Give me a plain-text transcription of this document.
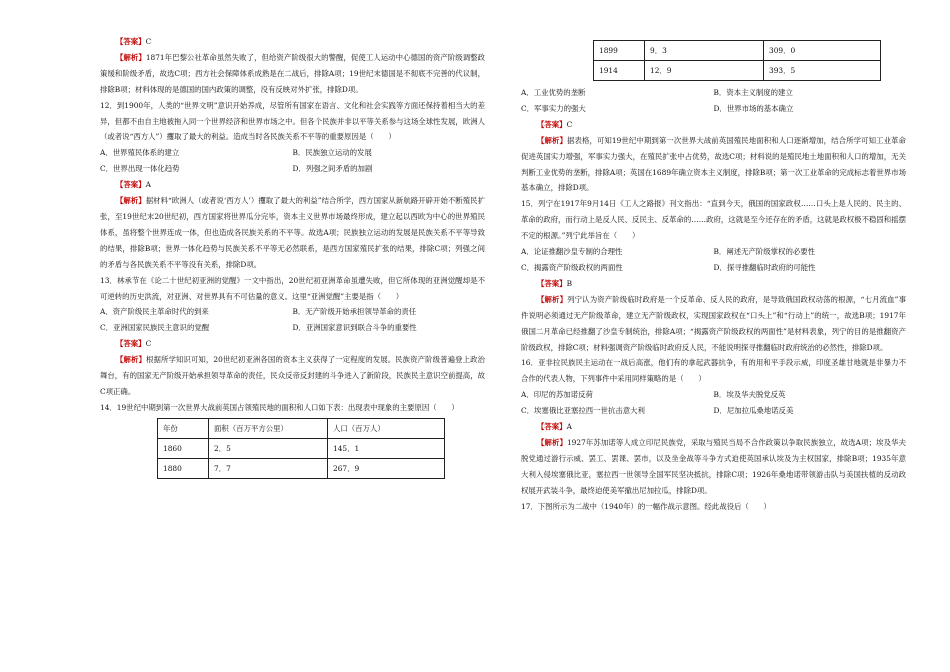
【答案】C

【解析】1871年巴黎公社革命虽然失败了，但给资产阶级很大的警醒，促使工人运动中心德国的资产阶级调整政策缓和阶级矛盾，故选C项；西方社会保障体系成熟是在二战后，排除A项；19世纪末德国是不彻底不完善的代议制，排除B项；材料体现的是德国的国内政策的调整，没有反映对外扩张，排除D项。

12．到1900年，人类的“世界文明”意识开始养成，尽管所有国家在语言、文化和社会实践等方面还保持着相当大的差异，但都不由自主地被拖入同一个世界经济和世界市场之中。但各个民族并非以平等关系参与这场全球性发展，欧洲人（或者说“西方人”）攫取了最大的利益。造成当时各民族关系不平等的重要原因是（　　）

A．世界殖民体系的建立	B．民族独立运动的发展
C．世界出现一体化趋势	D．列强之间矛盾的加剧

【答案】A

【解析】据材料“欧洲人（或者说‘西方人’）攫取了最大的利益”结合所学，西方国家从新航路开辟开始不断殖民扩张，至19世纪末20世纪初，西方国家将世界瓜分完毕，资本主义世界市场最终形成，建立起以西欧为中心的世界殖民体系，虽将整个世界连成一体，但也造成各民族关系的不平等。故选A项；民族独立运动的发展是民族关系不平等导致的结果，排除B项；世界一体化趋势与民族关系不平等无必然联系，是西方国家殖民扩张的结果，排除C项；列强之间的矛盾与各民族关系不平等没有关系，排除D项。

13．林承节在《论二十世纪初亚洲的觉醒》一文中指出，20世纪初亚洲革命虽遭失败，但它所体现的亚洲觉醒却是不可逆转的历史洪流，对亚洲、对世界具有不可估量的意义。这里“亚洲觉醒”主要是指（　　）

A．资产阶级民主革命时代的到来	B．无产阶级开始承担领导革命的责任
C．亚洲国家民族民主意识的觉醒	D．亚洲国家意识到联合斗争的重要性

【答案】C

【解析】根据所学知识可知，20世纪初亚洲各国的资本主义获得了一定程度的发展。民族资产阶级普遍登上政治舞台，有的国家无产阶级开始承担领导革命的责任，民众反帝反封建的斗争进入了新阶段，民族民主意识空前提高，故C项正确。

14．19世纪中期到第一次世界大战前英国占领殖民地的面积和人口如下表：出现表中现象的主要原因（　　）

年份	面积（百万平方公里）	人口（百万人）
1860	2．5	145．1
1880	7．7	267．9
1899	9．3	309．0
1914	12．9	393．5
A．工业优势的垄断	B．资本主义制度的建立
C．军事实力的强大	D．世界市场的基本确立

【答案】C

【解析】据表格，可知19世纪中期到第一次世界大战前英国殖民地面积和人口逐渐增加，结合所学可知工业革命促进英国实力增强，军事实力强大，在殖民扩张中占优势，故选C项；材料说的是殖民地土地面积和人口的增加，无关判断工业优势的垄断，排除A项；英国在1689年确立资本主义制度，排除B项；第一次工业革命的完成标志着世界市场基本确立，排除D项。

15．列宁在1917年9月14日《工人之路报》刊文指出：“直到今天，俄国的国家政权……口头上是人民的、民主的、革命的政府，而行动上是反人民、反民主、反革命的……政府，这就是至今还存在的矛盾，这就是政权极不稳固和摇摆不定的根源。”列宁此举旨在（　　）

A．论证推翻沙皇专制的合理性	B．阐述无产阶级掌权的必要性
C．揭露资产阶级政权的两面性	D．探寻推翻临时政府的可能性

【答案】B

【解析】列宁认为资产阶级临时政府是一个反革命、反人民的政府，是导致俄国政权动荡的根源，“七月流血”事件说明必须通过无产阶级革命，建立无产阶级政权，实现国家政权在“口头上”和“行动上”的统一，故选B项；1917年俄国二月革命已经推翻了沙皇专制统治，排除A项；“揭露资产阶级政权的两面性”是材料表象，列宁的目的是推翻资产阶级政权，排除C项；材料强调资产阶级临时政府反人民，不能说明探寻推翻临时政府统治的必然性，排除D项。

16．亚非拉民族民主运动在一战后高涨，他们有的拿起武器抗争，有的用和平手段示威，印度圣雄甘地就是非暴力不合作的代表人物，下列事件中采用同样策略的是（　　）

A．印尼的苏加诺反荷	B．埃及华夫脱党反英
C．埃塞俄比亚塞拉西一世抗击意大利	D．尼加拉瓜桑地诺反美

【答案】A

【解析】1927年苏加诺等人成立印尼民族党，采取与殖民当局不合作政策以争取民族独立，故选A项；埃及华夫脱党通过游行示威、罢工、罢课、罢市，以及坐金战等斗争方式迫使英国承认埃及为主权国家，排除B项；1935年意大利入侵埃塞俄比亚，塞拉西一世领导全国军民坚决抵抗，排除C项；1926年桑地诺带领游击队与美国扶植的反动政权展开武装斗争，最终迫使美军撤出尼加拉瓜，排除D项。

17．下图所示为二战中（1940年）的一幅作战示意图。经此战役后（　　）
